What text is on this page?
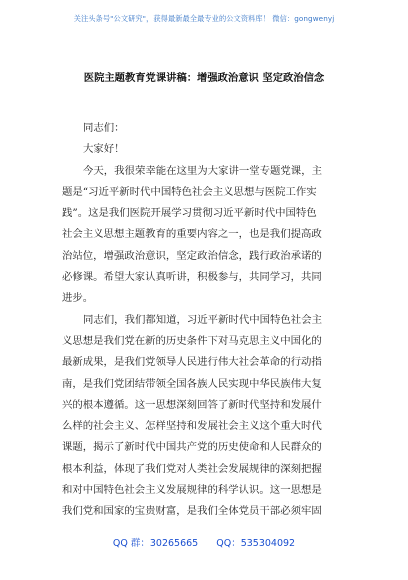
关注头条号"公文研究"，获得最新最全最专业的公文资料库！ 微信：gongwenyj
医院主题教育党课讲稿：增强政治意识 坚定政治信念
同志们：
大家好！
今天，我很荣幸能在这里为大家讲一堂专题党课，主
题是“习近平新时代中国特色社会主义思想与医院工作实
践”。这是我们医院开展学习贯彻习近平新时代中国特色
社会主义思想主题教育的重要内容之一，也是我们提高政
治站位，增强政治意识，坚定政治信念，践行政治承诺的
必修课。希望大家认真听讲，积极参与，共同学习，共同
进步。
同志们，我们都知道，习近平新时代中国特色社会主
义思想是我们党在新的历史条件下对马克思主义中国化的
最新成果，是我们党领导人民进行伟大社会革命的行动指
南，是我们党团结带领全国各族人民实现中华民族伟大复
兴的根本遵循。这一思想深刻回答了新时代坚持和发展什
么样的社会主义、怎样坚持和发展社会主义这个重大时代
课题，揭示了新时代中国共产党的历史使命和人民群众的
根本利益，体现了我们党对人类社会发展规律的深刻把握
和对中国特色社会主义发展规律的科学认识。这一思想是
我们党和国家的宝贵财富，是我们全体党员干部必须牢固
QQ 群：30265665 QQ：535304092
